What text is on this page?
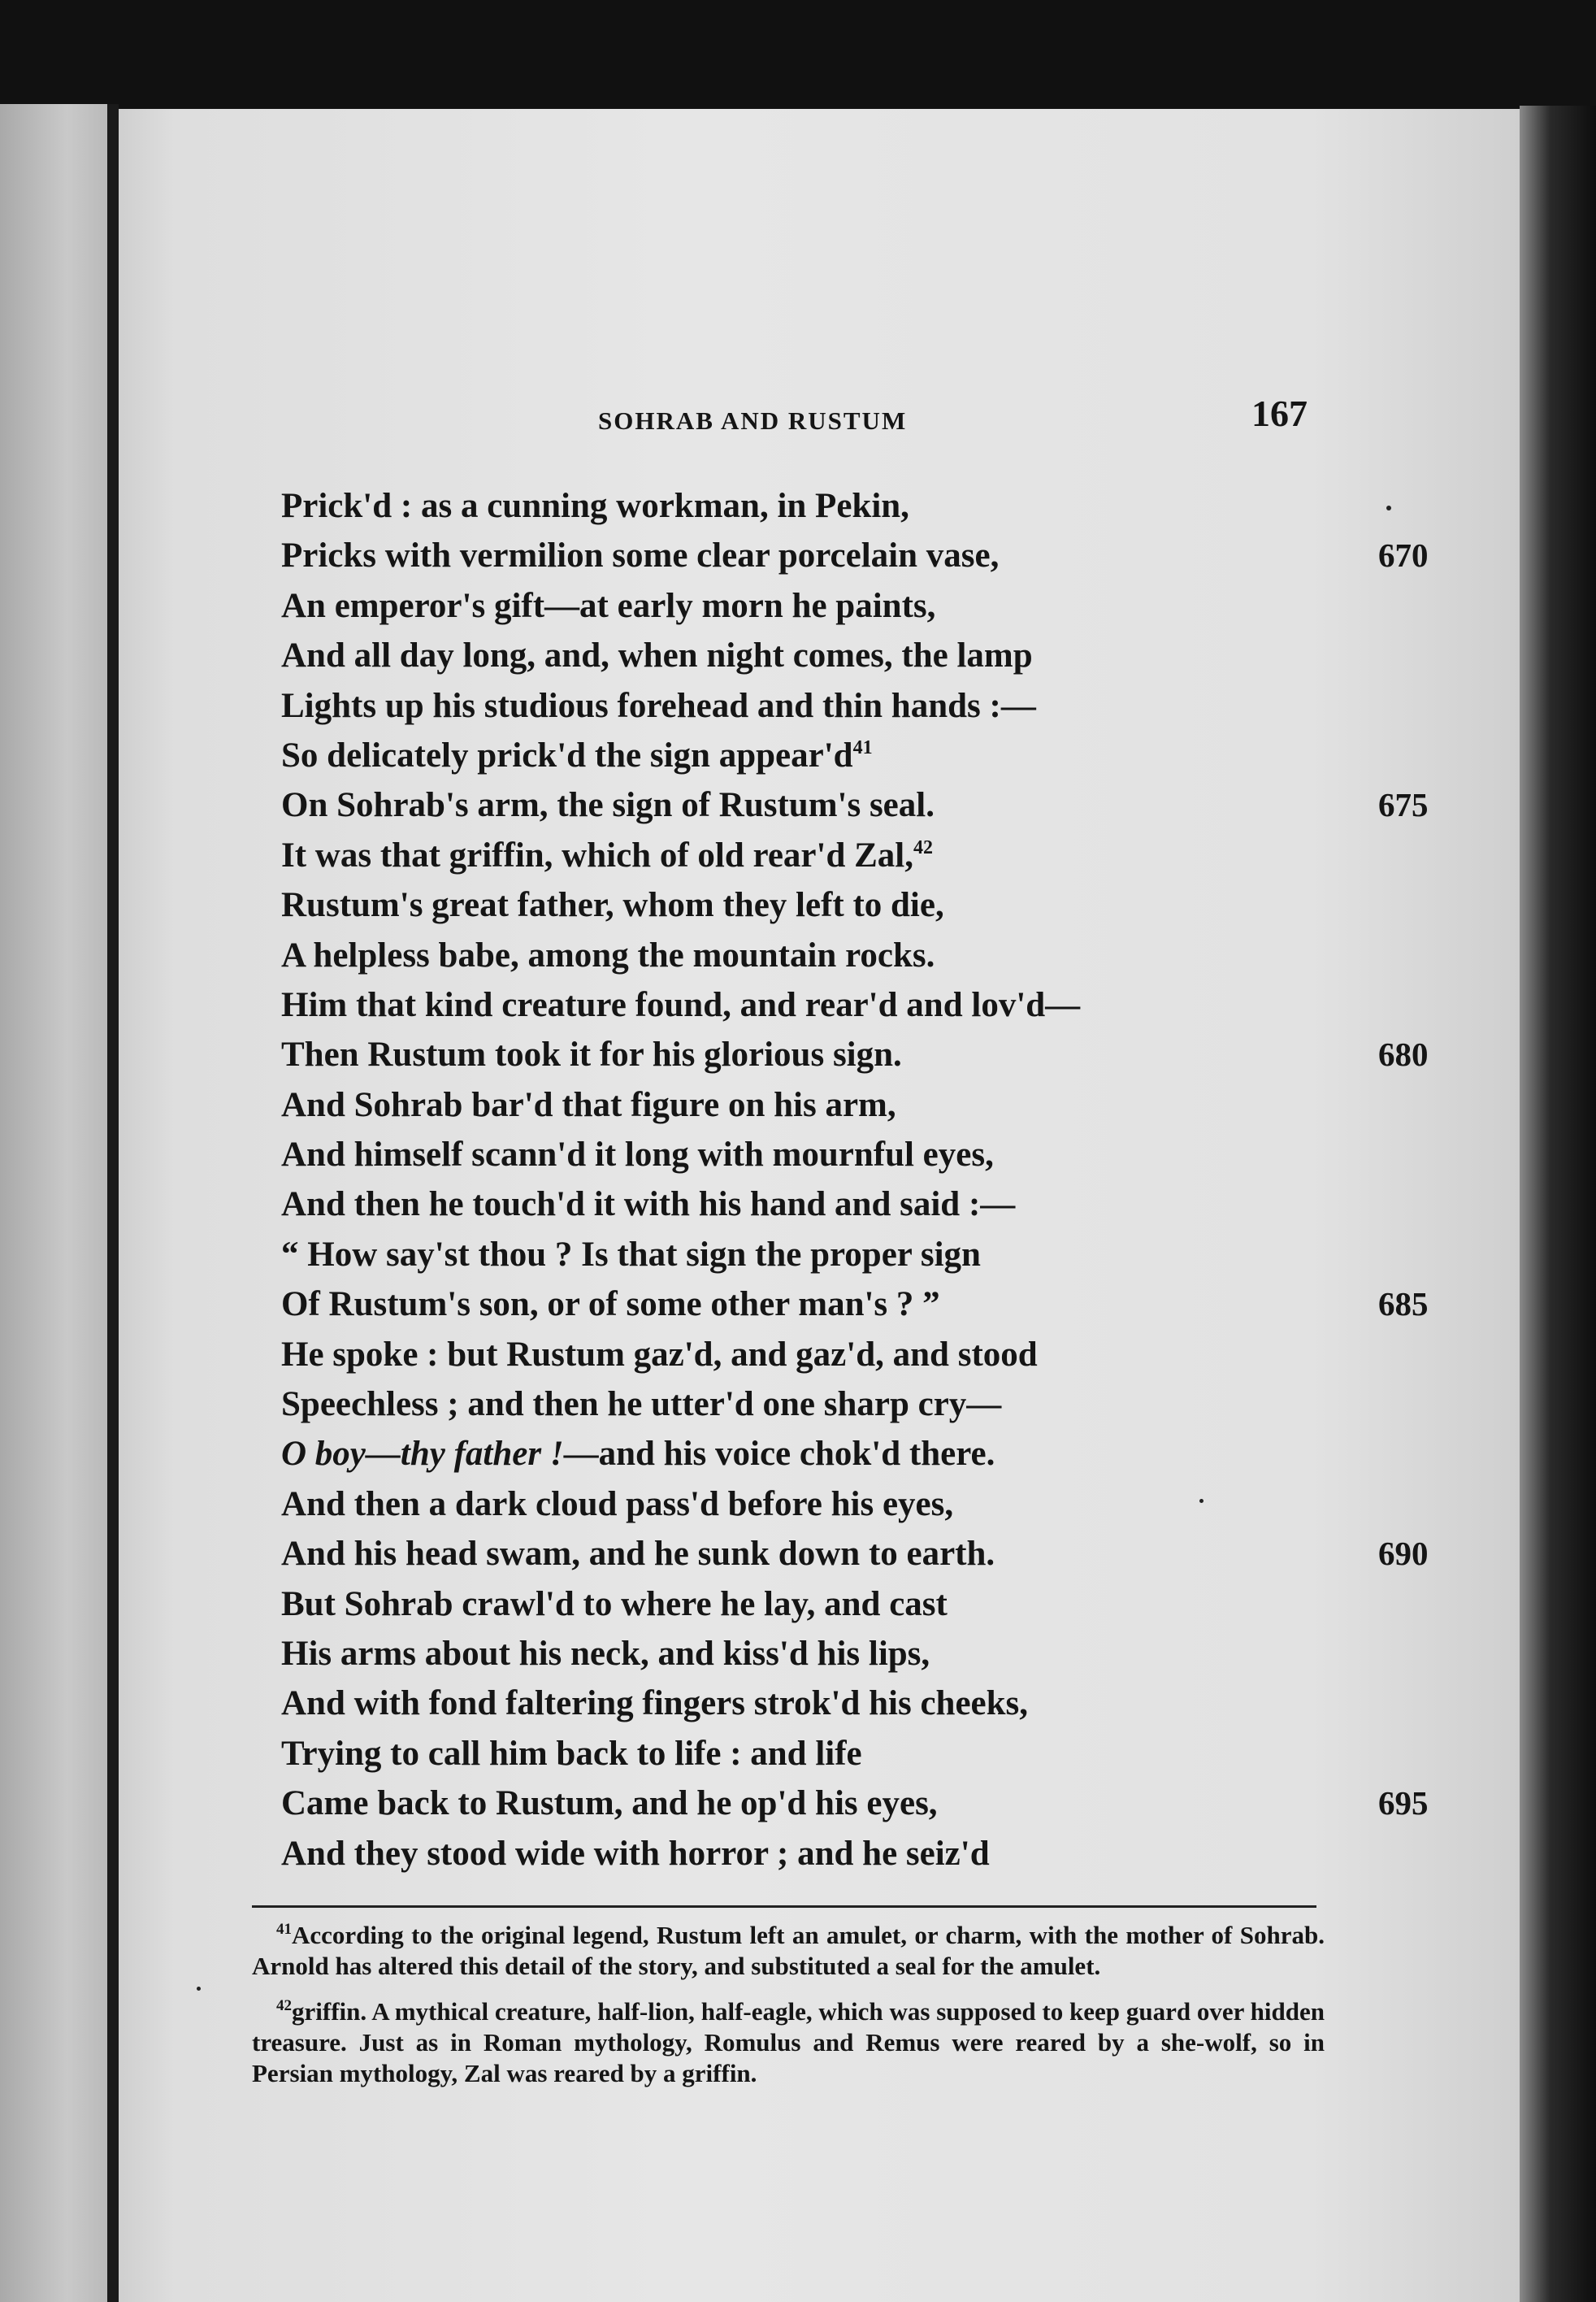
SOHRAB AND RUSTUM	167
Prick'd : as a cunning workman, in Pekin,
Pricks with vermilion some clear porcelain vase,	670
An emperor's gift—at early morn he paints,
And all day long, and, when night comes, the lamp
Lights up his studious forehead and thin hands :—
So delicately prick'd the sign $appear'd^{41}$
On Sohrab's arm, the sign of Rustum's seal.	675
It was that griffin, which of old rear'd Zal,$^{42}$
Rustum's great father, whom they left to die,
A helpless babe, among the mountain rocks.
Him that kind creature found, and rear'd and lov'd—
Then Rustum took it for his glorious sign.	680
And Sohrab bar'd that figure on his arm,
And himself scann'd it long with mournful eyes,
And then he touch'd it with his hand and said :—
“ How say'st thou ? Is that sign the proper sign
Of Rustum's son, or of some other man's ? ”	685
He spoke : but Rustum gaz'd, and gaz'd, and stood
Speechless ; and then he utter'd one sharp cry—
O boy—thy father !—and his voice chok'd there.
And then a dark cloud pass'd before his eyes,
And his head swam, and he sunk down to earth.	690
But Sohrab crawl'd to where he lay, and cast
His arms about his neck, and kiss'd his lips,
And with fond faltering fingers strok'd his cheeks,
Trying to call him back to life : and life
Came back to Rustum, and he op'd his eyes,	695
And they stood wide with horror ; and he seiz'd

$^{41}$According to the original legend, Rustum left an amulet, or charm, with the mother of Sohrab. Arnold has altered this detail of the story, and substituted a seal for the amulet.

$^{42}$griffin. A mythical creature, half-lion, half-eagle, which was supposed to keep guard over hidden treasure. Just as in Roman mythology, Romulus and Remus were reared by a she-wolf, so in Persian mythology, Zal was reared by a griffin.
